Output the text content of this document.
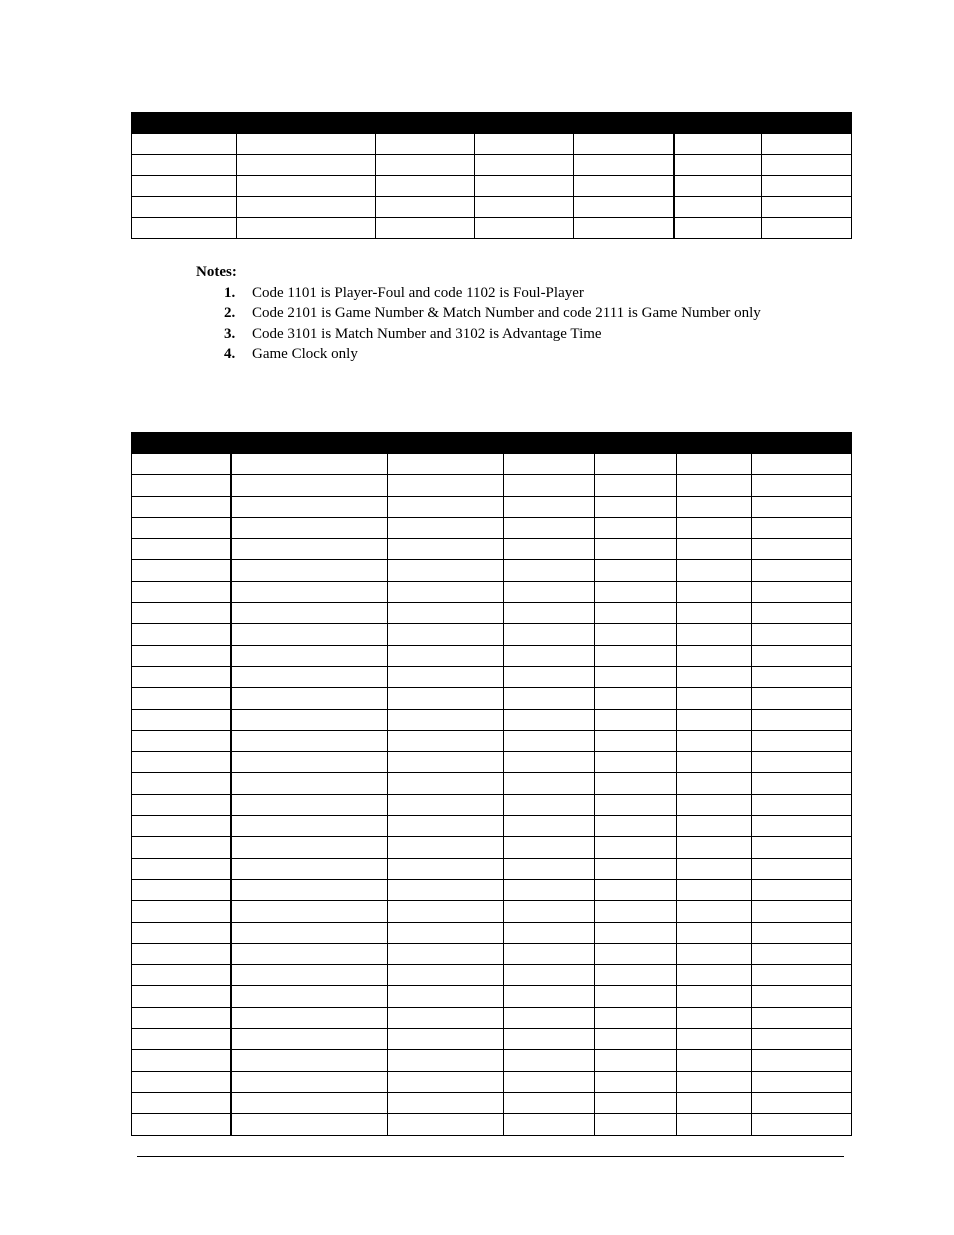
Notes:
1. Code 1101 is Player-Foul and code 1102 is Foul-Player
2. Code 2101 is Game Number & Match Number and code 2111 is Game Number only
3. Code 3101 is Match Number and 3102 is Advantage Time
4. Game Clock only
